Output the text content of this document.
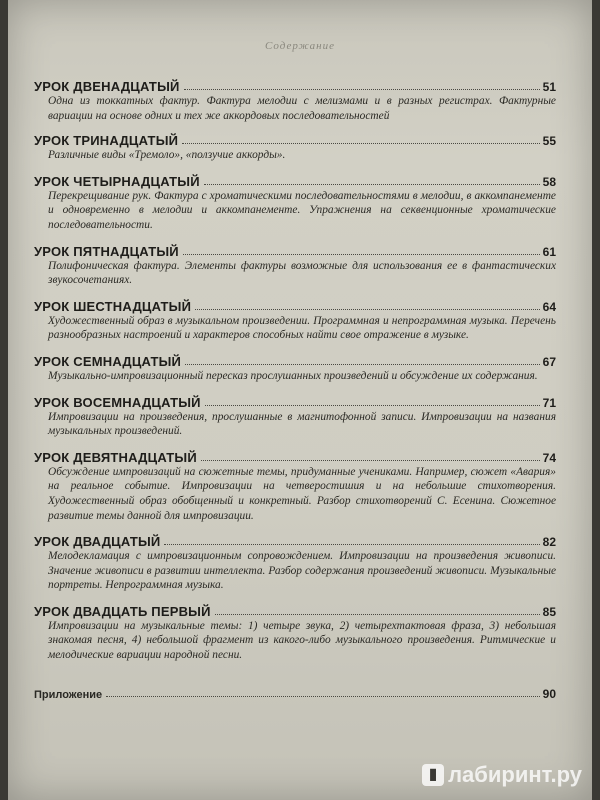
Содержание
УРОК ДВЕНАДЦАТЫЙ	51

Одна из токкатных фактур. Фактура мелодии с мелизмами и в разных регистрах. Фактурные вариации на основе одних и тех же аккордовых последовательностей

УРОК ТРИНАДЦАТЫЙ	55

Различные виды «Тремоло», «ползучие аккорды».

УРОК ЧЕТЫРНАДЦАТЫЙ	58

Перекрещивание рук. Фактура с хроматическими последовательностями в мелодии, в аккомпанементе и одновременно в мелодии и аккомпанементе. Упражнения на секвенционные хроматические последовательности.

УРОК ПЯТНАДЦАТЫЙ	61

Полифоническая фактура. Элементы фактуры возможные для использования ее в фантастических звукосочетаниях.

УРОК ШЕСТНАДЦАТЫЙ	64

Художественный образ в музыкальном произведении. Программная и непрограммная музыка. Перечень разнообразных настроений и характеров способных найти свое отражение в музыке.

УРОК СЕМНАДЦАТЫЙ	67

Музыкально-импровизационный пересказ прослушанных произведений и обсуждение их содержания.

УРОК ВОСЕМНАДЦАТЫЙ	71

Импровизации на произведения, прослушанные в магнитофонной записи. Импровизации на названия музыкальных произведений.

УРОК ДЕВЯТНАДЦАТЫЙ	74

Обсуждение импровизаций на сюжетные темы, придуманные учениками. Например, сюжет «Авария» на реальное событие. Импровизации на четверостишия и на небольшие стихотворения. Художественный образ обобщенный и конкретный. Разбор стихотворений С. Есенина. Сюжетное развитие темы данной для импровизации.

УРОК ДВАДЦАТЫЙ	82

Мелодекламация с импровизационным сопровождением. Импровизации на произведения живописи. Значение живописи в развитии интеллекта. Разбор содержания произведений живописи. Музыкальные портреты. Непрограммная музыка.

УРОК ДВАДЦАТЬ ПЕРВЫЙ	85

Импровизации на музыкальные темы: 1) четыре звука, 2) четырехтактовая фраза, 3) небольшая знакомая песня, 4) небольшой фрагмент из какого-либо музыкального произведения. Ритмические и мелодические вариации народной песни.

Приложение	90
▮ лабиринт.ру
